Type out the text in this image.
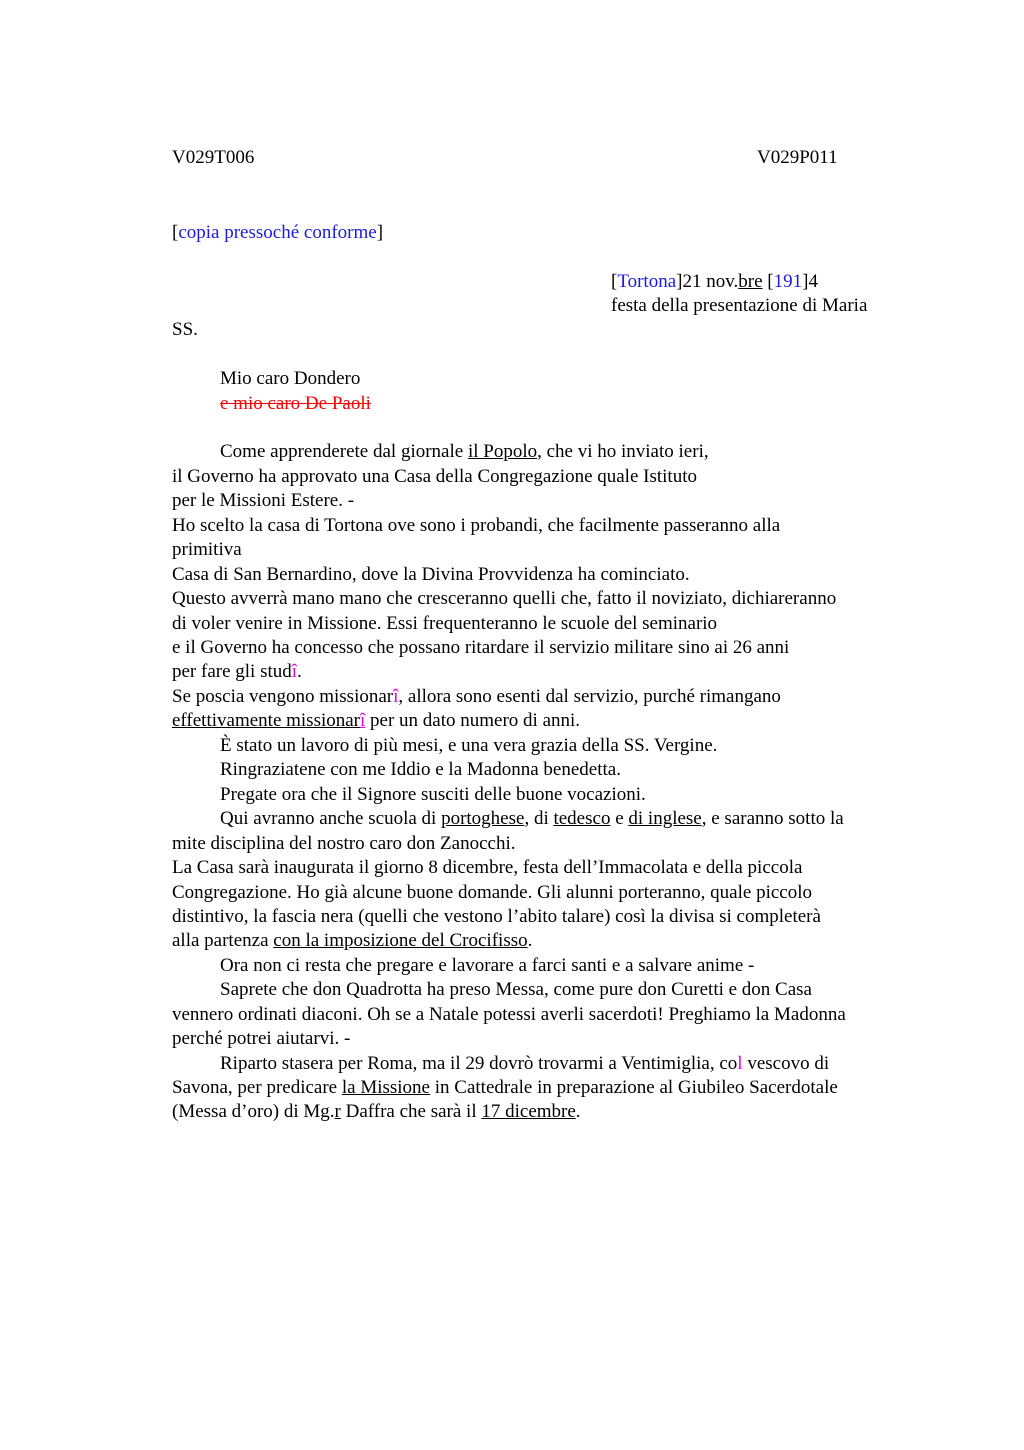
V029T006	V029P011
[copia pressoché conforme]
[Tortona]21 nov.bre [191]4
festa della presentazione di Maria
SS.
Mio caro Dondero
e mio caro De Paoli
Come apprenderete dal giornale il Popolo, che vi ho inviato ieri,
il Governo ha approvato una Casa della Congregazione quale Istituto
per le Missioni Estere. -
Ho scelto la casa di Tortona ove sono i probandi, che facilmente passeranno alla
primitiva
Casa di San Bernardino, dove la Divina Provvidenza ha cominciato.
Questo avverrà mano mano che cresceranno quelli che, fatto il noviziato, dichiareranno
di voler venire in Missione. Essi frequenteranno le scuole del seminario
e il Governo ha concesso che possano ritardare il servizio militare sino ai 26 anni
per fare gli studî.
Se poscia vengono missionarî, allora sono esenti dal servizio, purché rimangano
effettivamente missionarî per un dato numero di anni.
È stato un lavoro di più mesi, e una vera grazia della SS. Vergine.
Ringraziatene con me Iddio e la Madonna benedetta.
Pregate ora che il Signore susciti delle buone vocazioni.
Qui avranno anche scuola di portoghese, di tedesco e di inglese, e saranno sotto la
mite disciplina del nostro caro don Zanocchi.
La Casa sarà inaugurata il giorno 8 dicembre, festa dell’Immacolata e della piccola
Congregazione. Ho già alcune buone domande. Gli alunni porteranno, quale piccolo
distintivo, la fascia nera (quelli che vestono l’abito talare) così la divisa si completerà
alla partenza con la imposizione del Crocifisso.
Ora non ci resta che pregare e lavorare a farci santi e a salvare anime -
Saprete che don Quadrotta ha preso Messa, come pure don Curetti e don Casa
vennero ordinati diaconi. Oh se a Natale potessi averli sacerdoti! Preghiamo la Madonna
perché potrei aiutarvi. -
Riparto stasera per Roma, ma il 29 dovrò trovarmi a Ventimiglia, col vescovo di
Savona, per predicare la Missione in Cattedrale in preparazione al Giubileo Sacerdotale
(Messa d’oro) di Mg.r Daffra che sarà il 17 dicembre.
